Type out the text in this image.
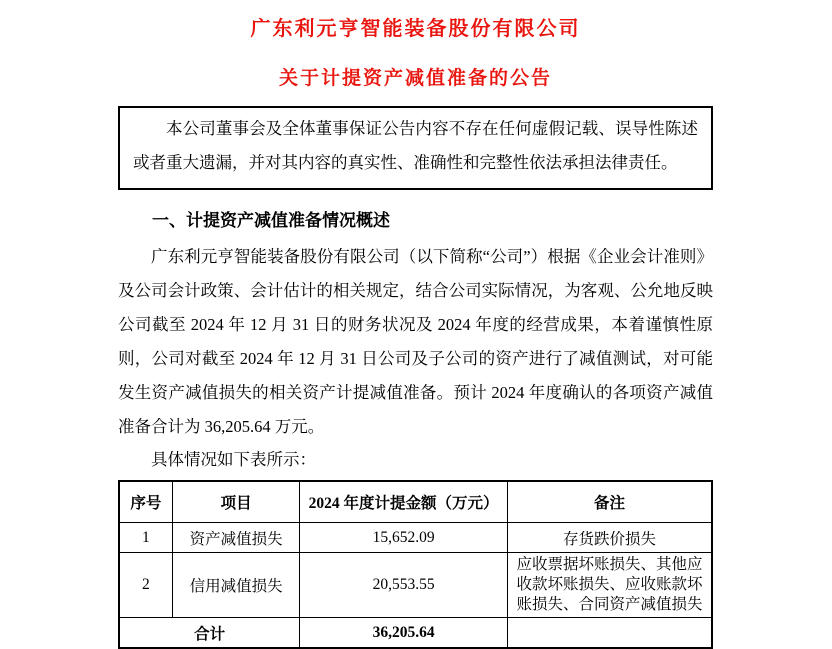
广东利元亨智能装备股份有限公司
关于计提资产减值准备的公告

本公司董事会及全体董事保证公告内容不存在任何虚假记载、误导性陈述或者重大遗漏，并对其内容的真实性、准确性和完整性依法承担法律责任。

一、计提资产减值准备情况概述

广东利元亨智能装备股份有限公司（以下简称“公司”）根据《企业会计准则》及公司会计政策、会计估计的相关规定，结合公司实际情况，为客观、公允地反映公司截至 2024 年 12 月 31 日的财务状况及 2024 年度的经营成果，本着谨慎性原则，公司对截至 2024 年 12 月 31 日公司及子公司的资产进行了减值测试，对可能发生资产减值损失的相关资产计提减值准备。预计 2024 年度确认的各项资产减值准备合计为 36,205.64 万元。

具体情况如下表所示：

序号	项目	2024 年度计提金额（万元）	备注
1	资产减值损失	15,652.09	存货跌价损失
2	信用减值损失	20,553.55	应收票据坏账损失、其他应收款坏账损失、应收账款坏账损失、合同资产减值损失
合计		36,205.64	
